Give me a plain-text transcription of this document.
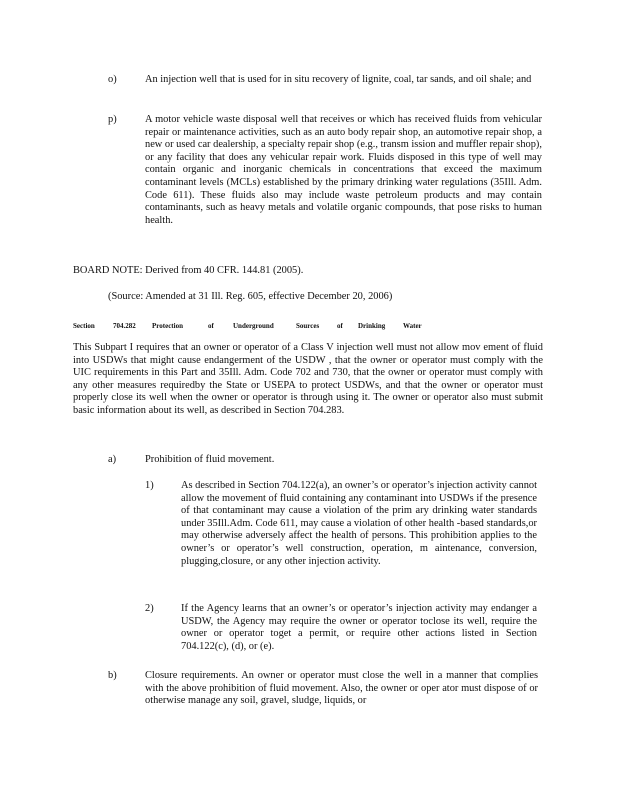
o)	An injection well that is used for in situ recovery of lignite, coal, tar sands, and oil shale; and
p)	A motor vehicle waste disposal well that receives or which has received fluids from vehicular repair or maintenance activities, such as an auto body repair shop, an automotive repair shop, a new or used car dealership, a specialty repair shop (e.g., transm ission and muffler repair shop), or any facility that does any vehicular repair work. Fluids disposed in this type of well may contain organic and inorganic chemicals in concentrations that exceed the maximum contaminant levels (MCLs) established by the primary drinking water regulations (35Ill. Adm. Code 611). These fluids also may include waste petroleum products and may contain contaminants, such as heavy metals and volatile organic compounds, that pose risks to human health.
BOARD NOTE: Derived from 40 CFR. 144.81 (2005).
(Source: Amended at 31 Ill. Reg. 605, effective December 20, 2006)
Section	704.282 Protection	of	Underground	Sources	of Drinking	Water
This Subpart I requires that an owner or operator of a Class V injection well must not allow mov ement of fluid into USDWs that might cause endangerment of the USDW , that the owner or operator must comply with the UIC requirements in this Part and 35Ill. Adm. Code 702 and 730, that the owner or operator must comply with any other measures requiredby the State or USEPA to protect USDWs, and that the owner or operator must properly close its well when the owner or operator is through using it. The owner or operator also must submit basic information about its well, as described in Section 704.283.
a)	Prohibition of fluid movement.
1)	As described in Section 704.122(a), an owner’s or operator’s injection activity cannot allow the movement of fluid containing any contaminant into USDWs if the presence of that contaminant may cause a violation of the prim ary drinking water standards under 35Ill.Adm. Code 611, may cause a violation of other health -based standards,or may otherwise adversely affect the health of persons. This prohibition applies to the owner’s or operator’s well construction, operation, m aintenance, conversion, plugging,closure, or any other injection activity.
2)	If the Agency learns that an owner’s or operator’s injection activity may endanger a USDW, the Agency may require the owner or operator toclose its well, require the owner or operator toget a permit, or require other actions listed in Section 704.122(c), (d), or (e).
b)	Closure requirements. An owner or operator must close the well in a manner that complies with the above prohibition of fluid movement. Also, the owner or oper ator must dispose of or otherwise manage any soil, gravel, sludge, liquids, or
